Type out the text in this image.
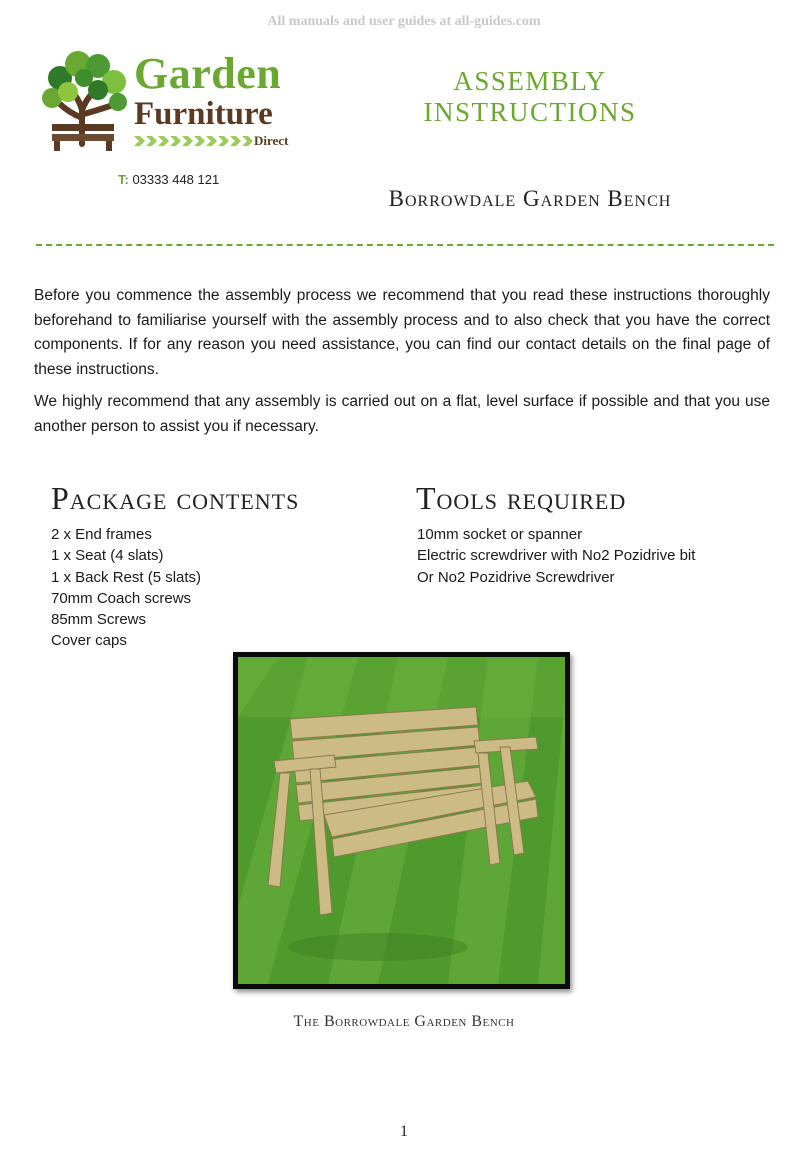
All manuals and user guides at all-guides.com
Garden
Furniture
Direct
T: 03333 448 121
ASSEMBLY INSTRUCTIONS
Borrowdale Garden Bench

Before you commence the assembly process we recommend that you read these instructions thoroughly beforehand to familiarise yourself with the assembly process and to also check that you have the correct components. If for any reason you need assistance, you can find our contact details on the final page of these instructions.

We highly recommend that any assembly is carried out on a flat, level surface if possible and that you use another person to assist you if necessary.

Package contents	Tools required
2 x End frames
1 x Seat (4 slats)
1 x Back Rest (5 slats)
70mm Coach screws
85mm Screws
Cover caps
10mm socket or spanner
Electric screwdriver with No2 Pozidrive bit
Or No2 Pozidrive Screwdriver
The Borrowdale Garden Bench
1
